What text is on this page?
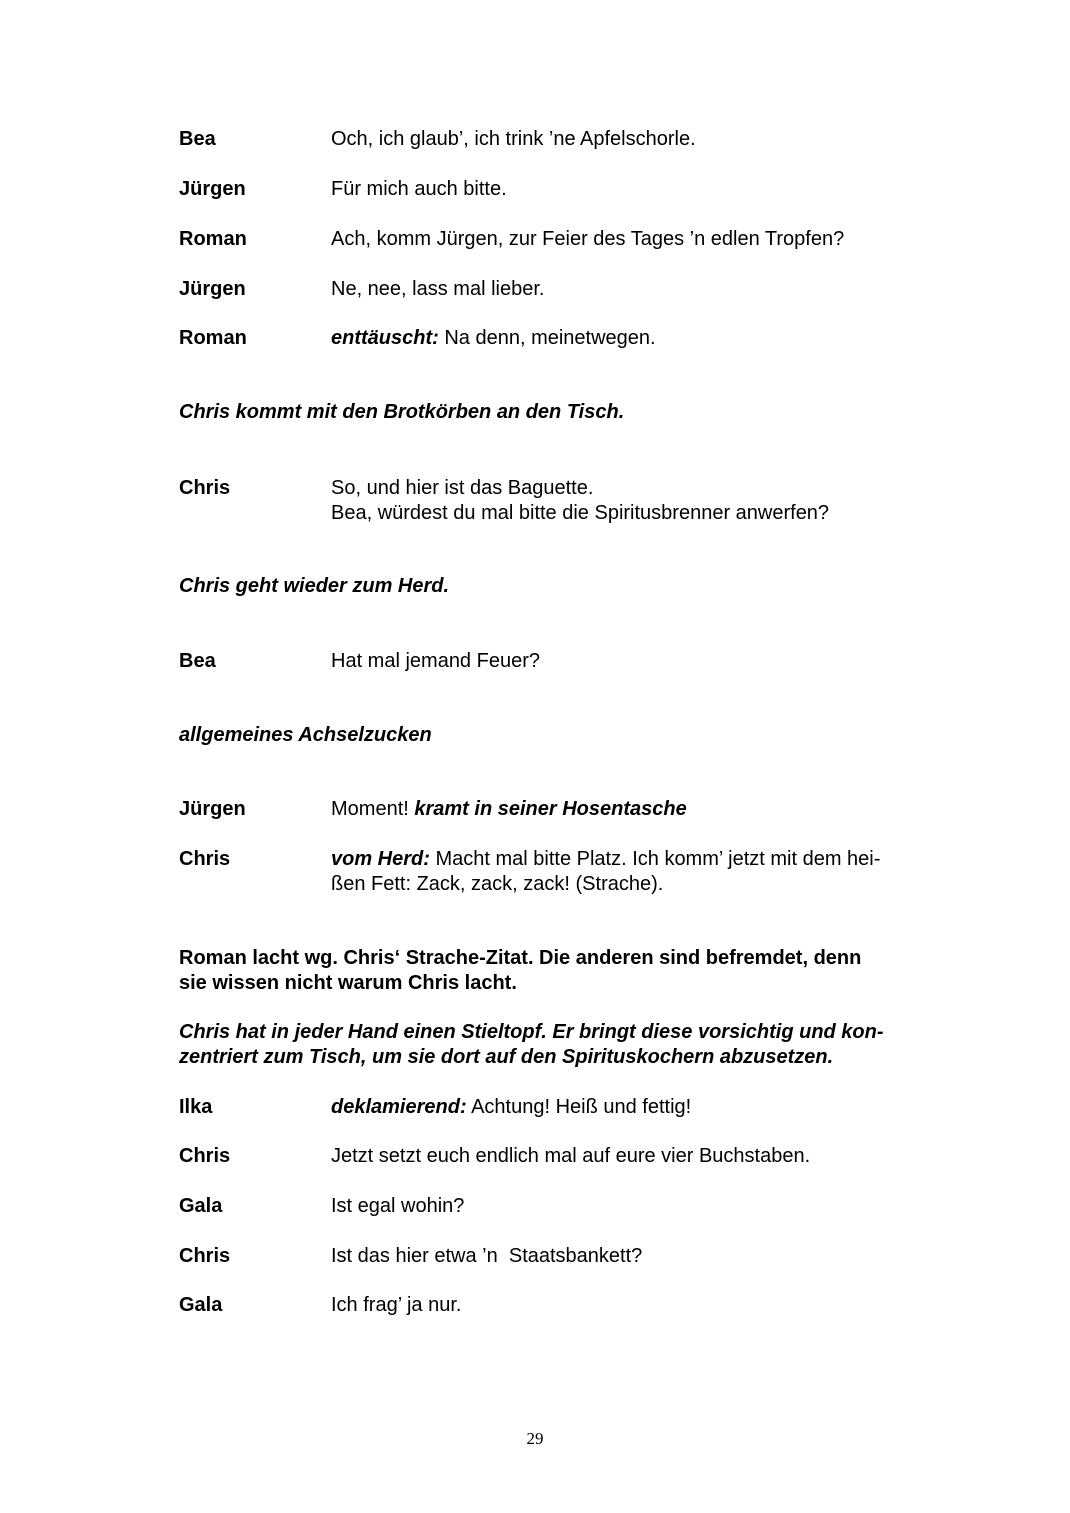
Bea	Och, ich glaub’, ich trink ’ne Apfelschorle.
Jürgen	Für mich auch bitte.
Roman	Ach, komm Jürgen, zur Feier des Tages ’n edlen Tropfen?
Jürgen	Ne, nee, lass mal lieber.
Roman	enttäuscht: Na denn, meinetwegen.
Chris kommt mit den Brotkörben an den Tisch.
Chris	So, und hier ist das Baguette.
Bea, würdest du mal bitte die Spiritusbrenner anwerfen?
Chris geht wieder zum Herd.
Bea	Hat mal jemand Feuer?
allgemeines Achselzucken
Jürgen	Moment! kramt in seiner Hosentasche
Chris	vom Herd: Macht mal bitte Platz. Ich komm’ jetzt mit dem hei-
ßen Fett: Zack, zack, zack! (Strache).
Roman lacht wg. Chris‘ Strache-Zitat. Die anderen sind befremdet, denn
sie wissen nicht warum Chris lacht.
Chris hat in jeder Hand einen Stieltopf. Er bringt diese vorsichtig und kon-
zentriert zum Tisch, um sie dort auf den Spirituskochern abzusetzen.
Ilka	deklamierend: Achtung! Heiß und fettig!
Chris	Jetzt setzt euch endlich mal auf eure vier Buchstaben.
Gala	Ist egal wohin?
Chris	Ist das hier etwa ’n  Staatsbankett?
Gala	Ich frag’ ja nur.
29
